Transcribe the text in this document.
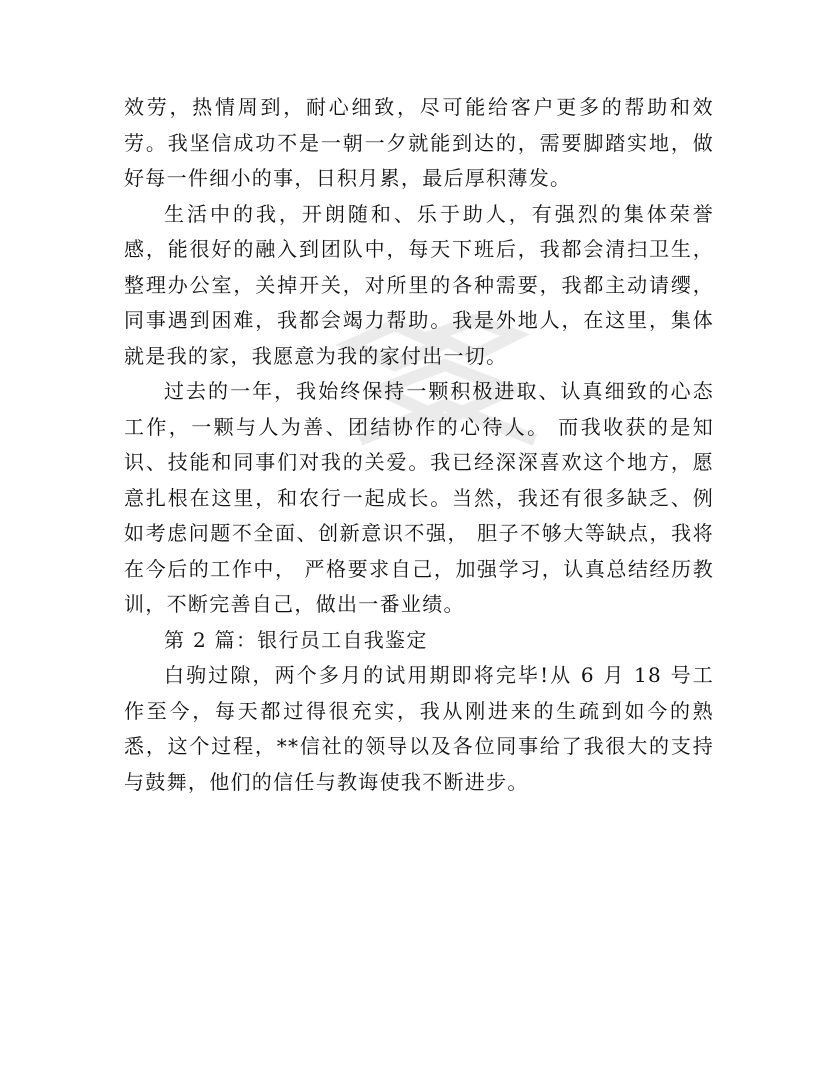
效劳，热情周到，耐心细致，尽可能给客户更多的帮助和效劳。我坚信成功不是一朝一夕就能到达的，需要脚踏实地，做好每一件细小的事，日积月累，最后厚积薄发。

生活中的我，开朗随和、乐于助人，有强烈的集体荣誉感，能很好的融入到团队中，每天下班后，我都会清扫卫生，整理办公室，关掉开关，对所里的各种需要，我都主动请缨，同事遇到困难，我都会竭力帮助。我是外地人，在这里，集体就是我的家，我愿意为我的家付出一切。

过去的一年，我始终保持一颗积极进取、认真细致的心态工作，一颗与人为善、团结协作的心待人。 而我收获的是知识、技能和同事们对我的关爱。我已经深深喜欢这个地方，愿意扎根在这里，和农行一起成长。当然，我还有很多缺乏、例如考虑问题不全面、创新意识不强， 胆子不够大等缺点，我将在今后的工作中， 严格要求自己，加强学习，认真总结经历教训，不断完善自己，做出一番业绩。

第 2 篇：银行员工自我鉴定

白驹过隙，两个多月的试用期即将完毕!从 6 月 18 号工作至今，每天都过得很充实，我从刚进来的生疏到如今的熟悉，这个过程，**信社的领导以及各位同事给了我很大的支持与鼓舞，他们的信任与教诲使我不断进步。
